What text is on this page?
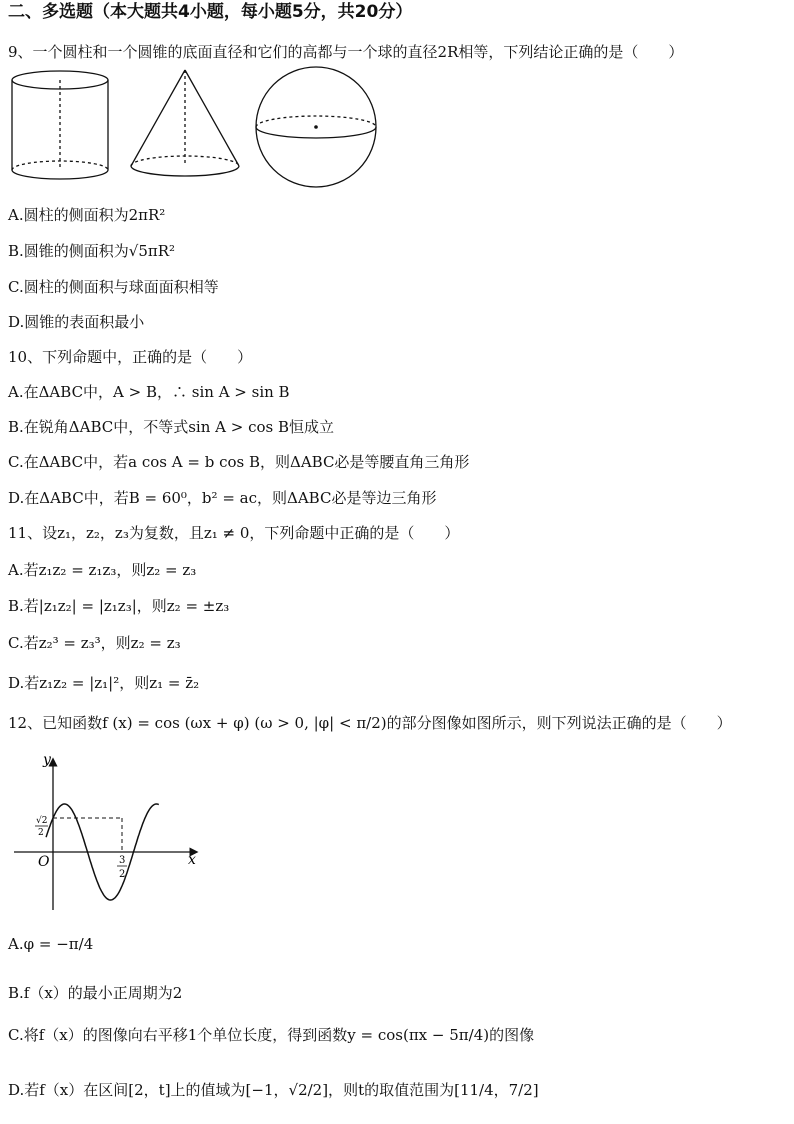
二、多选题（本大题共4小题，每小题5分，共20分）
9、一个圆柱和一个圆锥的底面直径和它们的高都与一个球的直径2R相等，下列结论正确的是（　　）
A.圆柱的侧面积为2πR²
B.圆锥的侧面积为√5πR²
C.圆柱的侧面积与球面面积相等
D.圆锥的表面积最小
10、下列命题中，正确的是（　　）
A.在ΔABC中，A > B，∴ sin A > sin B
B.在锐角ΔABC中，不等式sin A > cos B恒成立
C.在ΔABC中，若a cos A = b cos B，则ΔABC必是等腰直角三角形
D.在ΔABC中，若B = 60⁰，b² = ac，则ΔABC必是等边三角形
11、设z₁，z₂，z₃为复数，且z₁ ≠ 0，下列命题中正确的是（　　）
A.若z₁z₂ = z₁z₃，则z₂ = z₃
B.若|z₁z₂| = |z₁z₃|，则z₂ = ±z₃
C.若z₂³ = z₃³，则z₂ = z₃
D.若z₁z₂ = |z₁|²，则z₁ = z̄₂
12、已知函数f (x) = cos (ωx + φ) (ω > 0, |φ| < π/2)的部分图像如图所示，则下列说法正确的是（　　）
y
x
O
√2
2
3
2
A.φ = −π/4
B.f（x）的最小正周期为2
C.将f（x）的图像向右平移1个单位长度，得到函数y = cos(πx − 5π/4)的图像
D.若f（x）在区间[2，t]上的值域为[−1，√2/2]，则t的取值范围为[11/4，7/2]
